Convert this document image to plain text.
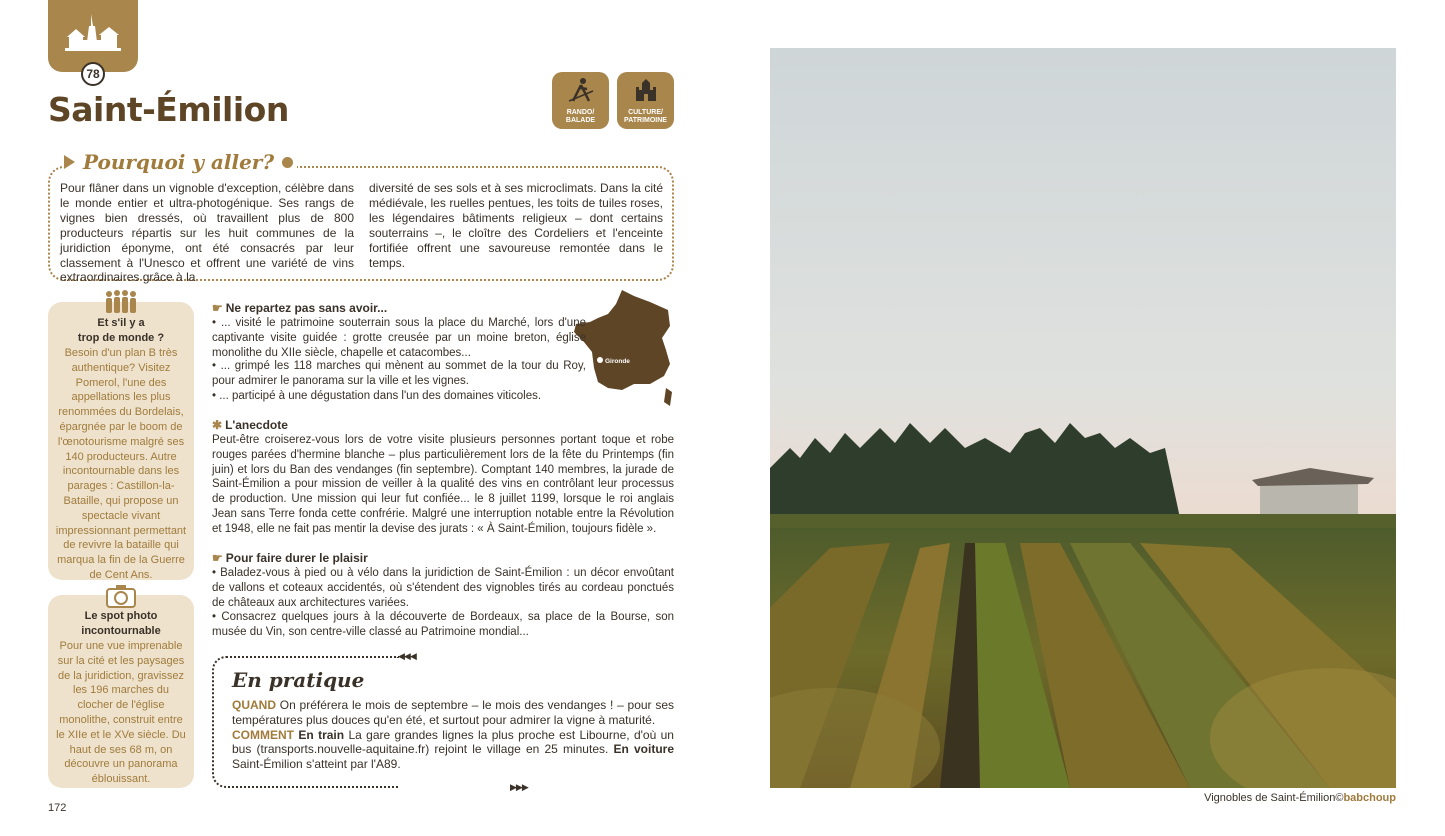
78
Saint-Émilion	RANDO/
BALADE
CULTURE/
PATRIMOINE
Pourquoi y aller?

Pour flâner dans un vignoble d'exception, célèbre dans le monde entier et ultra-photogénique. Ses rangs de vignes bien dressés, où travaillent plus de 800 producteurs répartis sur les huit communes de la juridiction éponyme, ont été consacrés par leur classement à l'Unesco et offrent une variété de vins extraordinaires grâce à la

diversité de ses sols et à ses microclimats. Dans la cité médiévale, les ruelles pentues, les toits de tuiles roses, les légendaires bâtiments religieux – dont certains souterrains –, le cloître des Cordeliers et l'enceinte fortifiée offrent une savoureuse remontée dans le temps.

Et s'il y a
trop de monde ?

Besoin d'un plan B très authentique? Visitez Pomerol, l'une des appellations les plus renommées du Bordelais, épargnée par le boom de l'œnotourisme malgré ses 140 producteurs. Autre incontournable dans les parages : Castillon-la-Bataille, qui propose un spectacle vivant impressionnant permettant de revivre la bataille qui marqua la fin de la Guerre de Cent Ans.

Le spot photo
incontournable

Pour une vue imprenable sur la cité et les paysages de la juridiction, gravissez les 196 marches du clocher de l'église monolithe, construit entre le XIIe et le XVe siècle. Du haut de ses 68 m, on découvre un panorama éblouissant.

Gironde
☛ Ne repartez pas sans avoir...

• ... visité le patrimoine souterrain sous la place du Marché, lors d'une captivante visite guidée : grotte creusée par un moine breton, église monolithe du XIIe siècle, chapelle et catacombes...

• ... grimpé les 118 marches qui mènent au sommet de la tour du Roy, pour admirer le panorama sur la ville et les vignes.

• ... participé à une dégustation dans l'un des domaines viticoles.

✱ L'anecdote

Peut-être croiserez-vous lors de votre visite plusieurs personnes portant toque et robe rouges parées d'hermine blanche – plus particulièrement lors de la fête du Printemps (fin juin) et lors du Ban des vendanges (fin septembre). Comptant 140 membres, la jurade de Saint-Émilion a pour mission de veiller à la qualité des vins en contrôlant leur processus de production. Une mission qui leur fut confiée... le 8 juillet 1199, lorsque le roi anglais Jean sans Terre fonda cette confrérie. Malgré une interruption notable entre la Révolution et 1948, elle ne fait pas mentir la devise des jurats : « À Saint-Émilion, toujours fidèle ».

☛ Pour faire durer le plaisir

• Baladez-vous à pied ou à vélo dans la juridiction de Saint-Émilion : un décor envoûtant de vallons et coteaux accidentés, où s'étendent des vignobles tirés au cordeau ponctués de châteaux aux architectures variées.

• Consacrez quelques jours à la découverte de Bordeaux, sa place de la Bourse, son musée du Vin, son centre-ville classé au Patrimoine mondial...

◀◀◀
▶▶▶
En pratique

QUAND On préférera le mois de septembre – le mois des vendanges ! – pour ses températures plus douces qu'en été, et surtout pour admirer la vigne à maturité.
COMMENT En train La gare grandes lignes la plus proche est Libourne, d'où un bus (transports.nouvelle-aquitaine.fr) rejoint le village en 25 minutes. En voiture Saint-Émilion s'atteint par l'A89.

172
Vignobles de Saint-Émilion©babchoup
